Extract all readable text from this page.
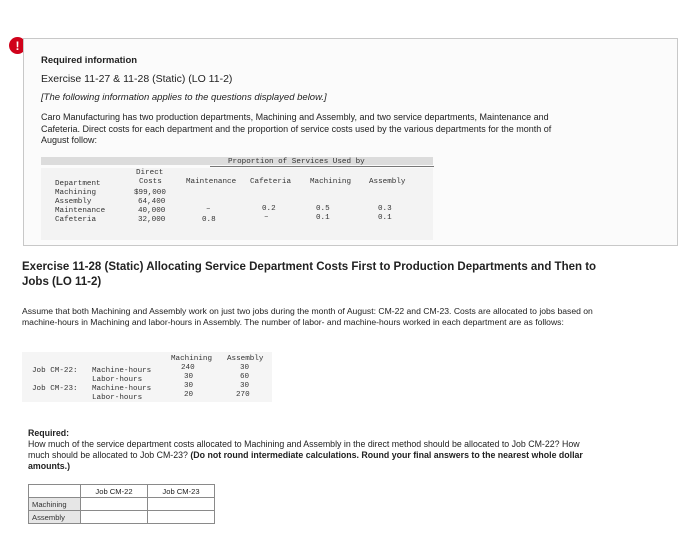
!
Required information
Exercise 11-27 & 11-28 (Static) (LO 11-2)
[The following information applies to the questions displayed below.]
Caro Manufacturing has two production departments, Machining and Assembly, and two service departments, Maintenance and Cafeteria. Direct costs for each department and the proportion of service costs used by the various departments for the month of August follow:
Proportion of Services Used by
Direct
Costs
Department	Maintenance Cafeteria Machining Assembly
Machining	$99,000
Assembly	64,400
Maintenance	40,000	–	0.2	0.5	0.3
Cafeteria	32,000	0.8	–	0.1	0.1
Exercise 11-28 (Static) Allocating Service Department Costs First to Production Departments and Then to Jobs (LO 11-2)
Assume that both Machining and Assembly work on just two jobs during the month of August: CM-22 and CM-23. Costs are allocated to jobs based on machine-hours in Machining and labor-hours in Assembly. The number of labor- and machine-hours worked in each department are as follows:
Machining Assembly
Job CM-22: Machine-hours	240	30
Labor-hours	30	60
Job CM-23: Machine-hours	30	30
Labor-hours	20	270
Required:
How much of the service department costs allocated to Machining and Assembly in the direct method should be allocated to Job CM-22? How much should be allocated to Job CM-23? (Do not round intermediate calculations. Round your final answers to the nearest whole dollar amounts.)
	Job CM-22	Job CM-23
Machining		
Assembly		
